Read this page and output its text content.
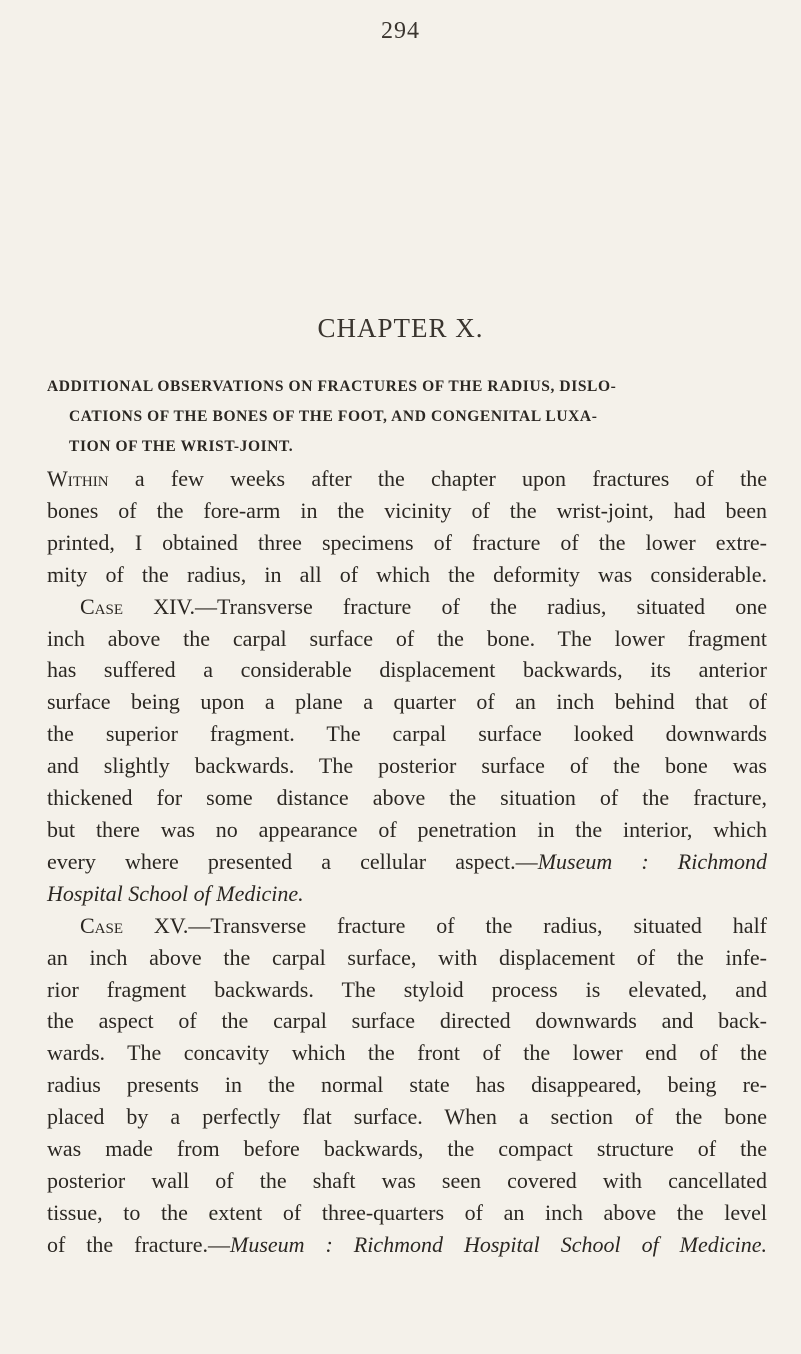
294
CHAPTER X.
ADDITIONAL OBSERVATIONS ON FRACTURES OF THE RADIUS, DISLO-
CATIONS OF THE BONES OF THE FOOT, AND CONGENITAL LUXA-
TION OF THE WRIST-JOINT.
Within a few weeks after the chapter upon fractures of the
bones of the fore-arm in the vicinity of the wrist-joint, had been
printed, I obtained three specimens of fracture of the lower extre-
mity of the radius, in all of which the deformity was considerable.
Case XIV.—Transverse fracture of the radius, situated one
inch above the carpal surface of the bone. The lower fragment
has suffered a considerable displacement backwards, its anterior
surface being upon a plane a quarter of an inch behind that of
the superior fragment. The carpal surface looked downwards
and slightly backwards. The posterior surface of the bone was
thickened for some distance above the situation of the fracture,
but there was no appearance of penetration in the interior, which
every where presented a cellular aspect.—Museum : Richmond
Hospital School of Medicine.
Case XV.—Transverse fracture of the radius, situated half
an inch above the carpal surface, with displacement of the infe-
rior fragment backwards. The styloid process is elevated, and
the aspect of the carpal surface directed downwards and back-
wards. The concavity which the front of the lower end of the
radius presents in the normal state has disappeared, being re-
placed by a perfectly flat surface. When a section of the bone
was made from before backwards, the compact structure of the
posterior wall of the shaft was seen covered with cancellated
tissue, to the extent of three-quarters of an inch above the level
of the fracture.—Museum : Richmond Hospital School of Medicine.
